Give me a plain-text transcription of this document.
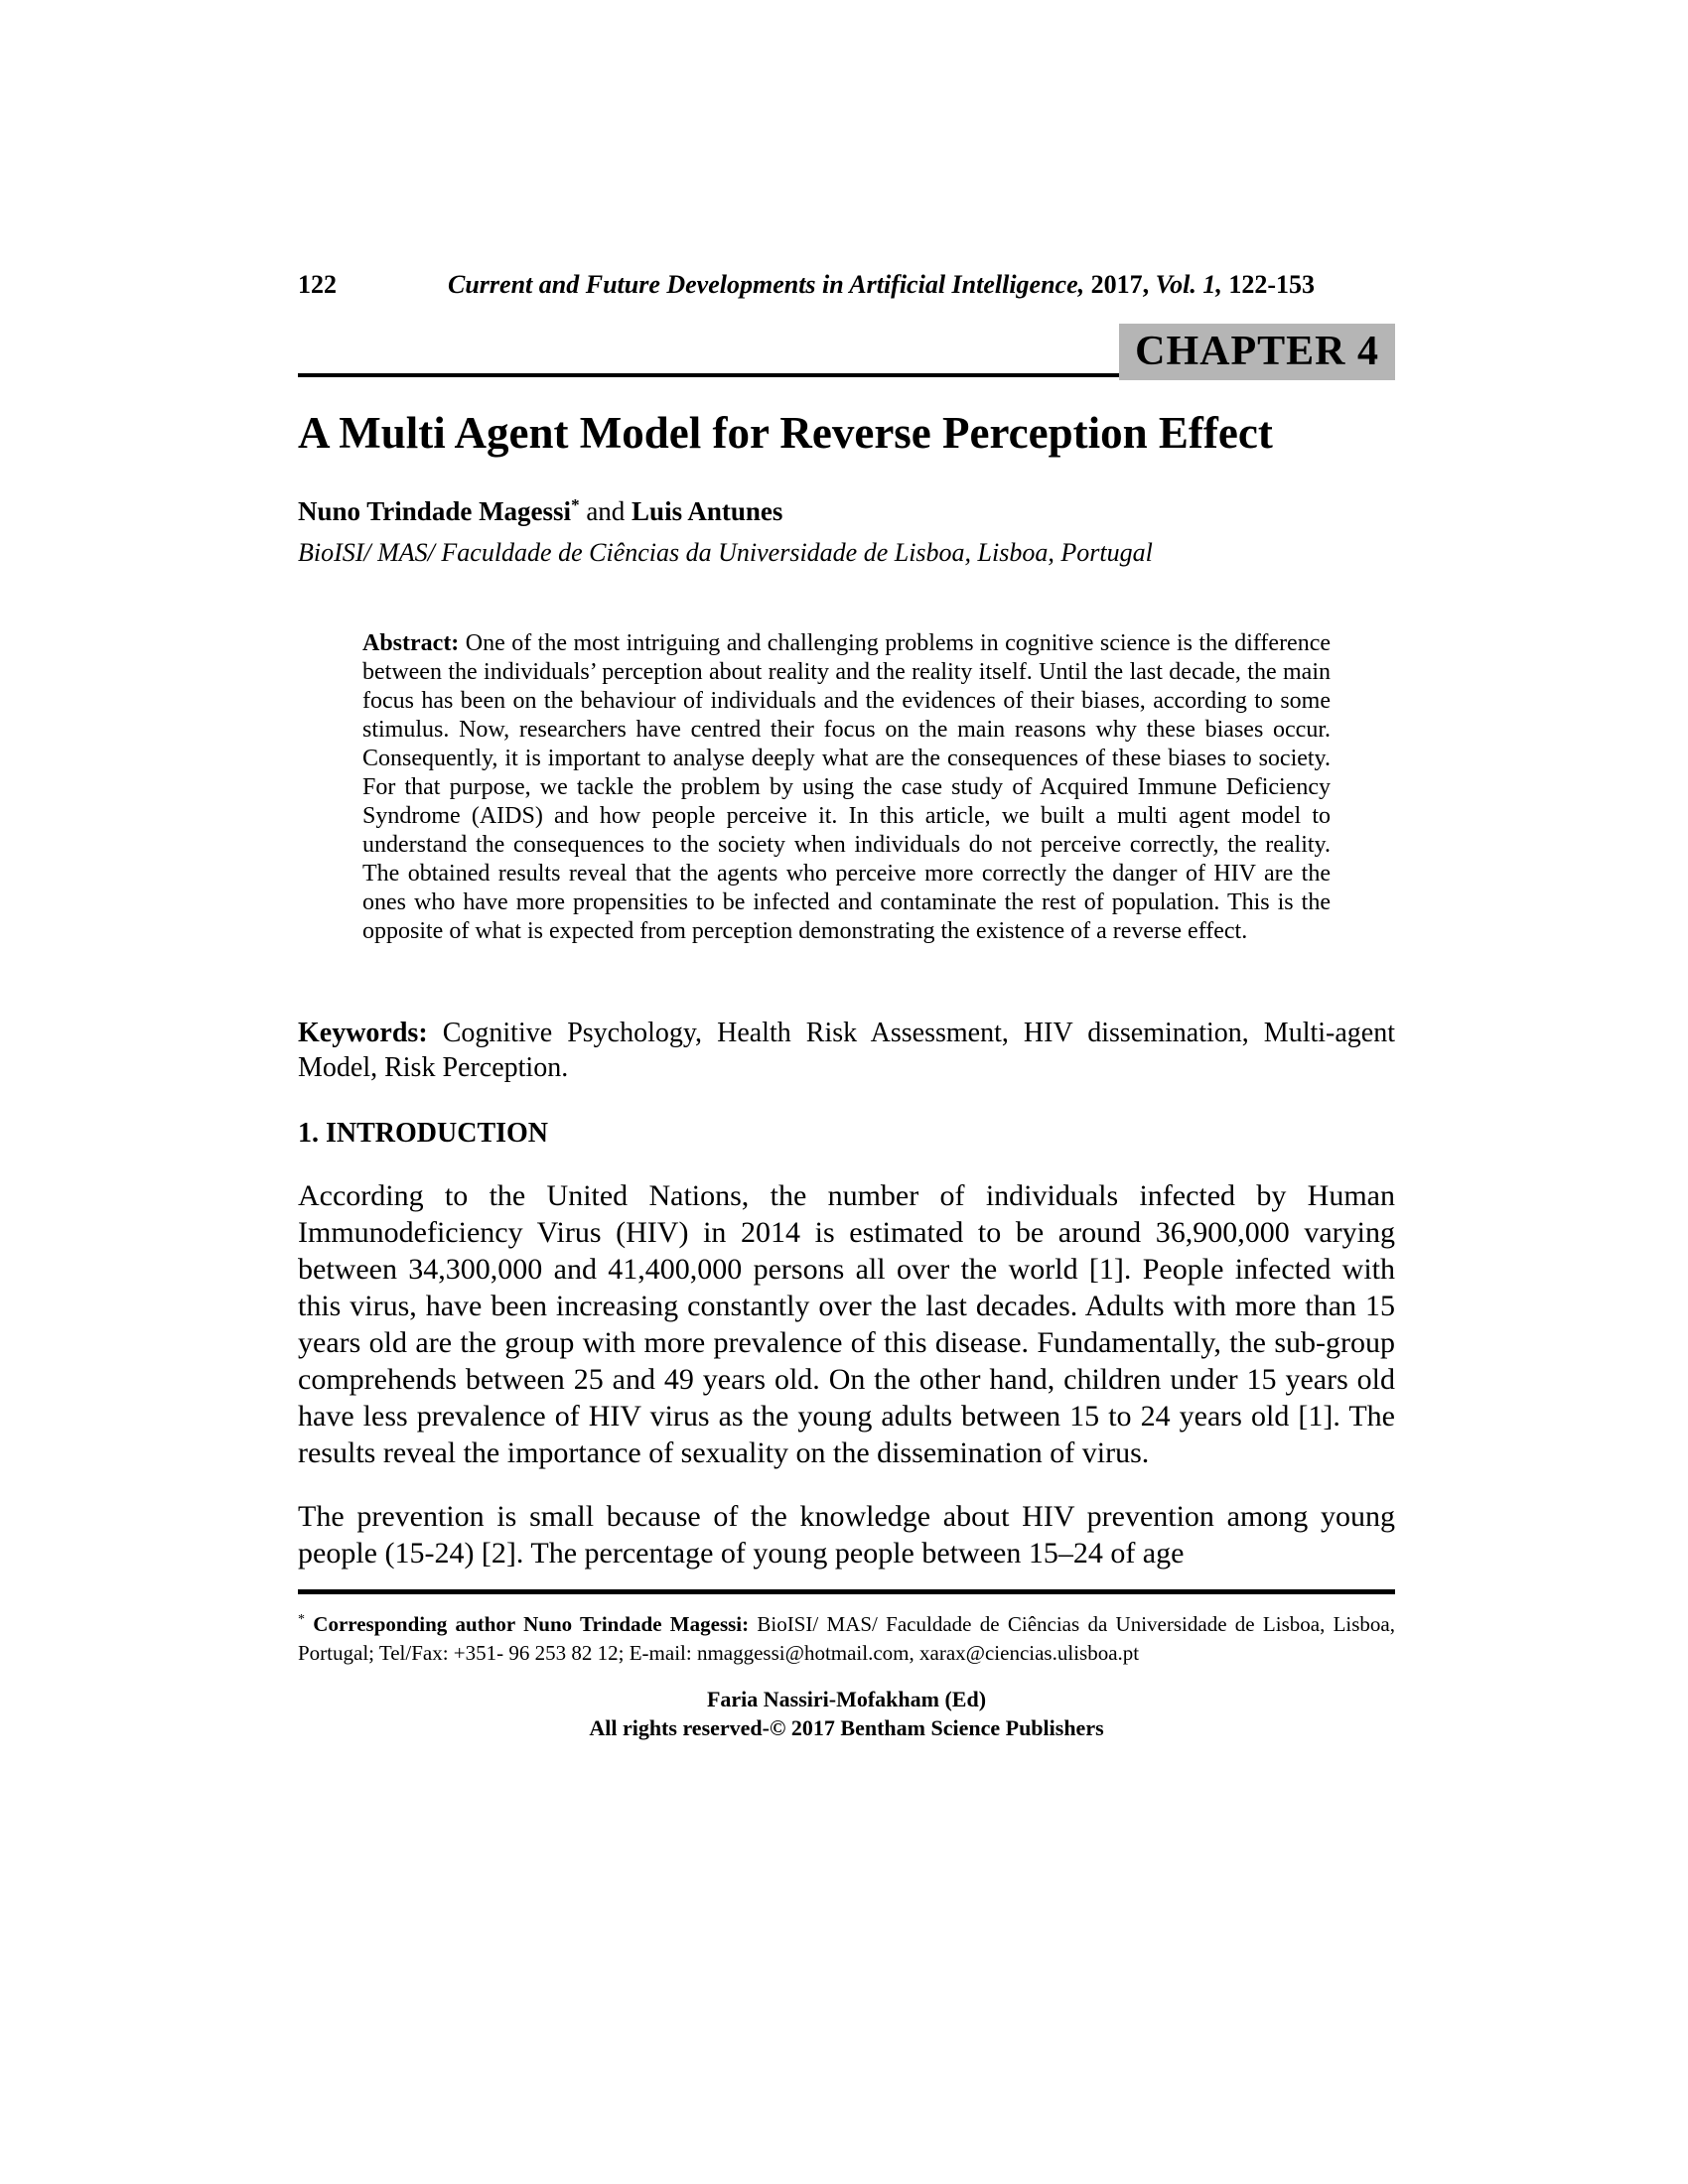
122	Current and Future Developments in Artificial Intelligence, 2017, Vol. 1, 122-153
CHAPTER 4
A Multi Agent Model for Reverse Perception Effect

Nuno Trindade Magessi* and Luis Antunes

BioISI/ MAS/ Faculdade de Ciências da Universidade de Lisboa, Lisboa, Portugal

Abstract: One of the most intriguing and challenging problems in cognitive science is the difference between the individuals’ perception about reality and the reality itself. Until the last decade, the main focus has been on the behaviour of individuals and the evidences of their biases, according to some stimulus. Now, researchers have centred their focus on the main reasons why these biases occur. Consequently, it is important to analyse deeply what are the consequences of these biases to society. For that purpose, we tackle the problem by using the case study of Acquired Immune Deficiency Syndrome (AIDS) and how people perceive it. In this article, we built a multi agent model to understand the consequences to the society when individuals do not perceive correctly, the reality. The obtained results reveal that the agents who perceive more correctly the danger of HIV are the ones who have more propensities to be infected and contaminate the rest of population. This is the opposite of what is expected from perception demonstrating the existence of a reverse effect.

Keywords: Cognitive Psychology, Health Risk Assessment, HIV dissemination, Multi-agent Model, Risk Perception.

1. INTRODUCTION

According to the United Nations, the number of individuals infected by Human Immunodeficiency Virus (HIV) in 2014 is estimated to be around 36,900,000 varying between 34,300,000 and 41,400,000 persons all over the world [1]. People infected with this virus, have been increasing constantly over the last decades. Adults with more than 15 years old are the group with more prevalence of this disease. Fundamentally, the sub-group comprehends between 25 and 49 years old. On the other hand, children under 15 years old have less prevalence of HIV virus as the young adults between 15 to 24 years old [1]. The results reveal the importance of sexuality on the dissemination of virus.

The prevention is small because of the knowledge about HIV prevention among young people (15-24) [2]. The percentage of young people between 15–24 of age

* Corresponding author Nuno Trindade Magessi: BioISI/ MAS/ Faculdade de Ciências da Universidade de Lisboa, Lisboa, Portugal; Tel/Fax: +351- 96 253 82 12; E-mail: nmaggessi@hotmail.com, xarax@ciencias.ulisboa.pt

Faria Nassiri-Mofakham (Ed)

All rights reserved-© 2017 Bentham Science Publishers
